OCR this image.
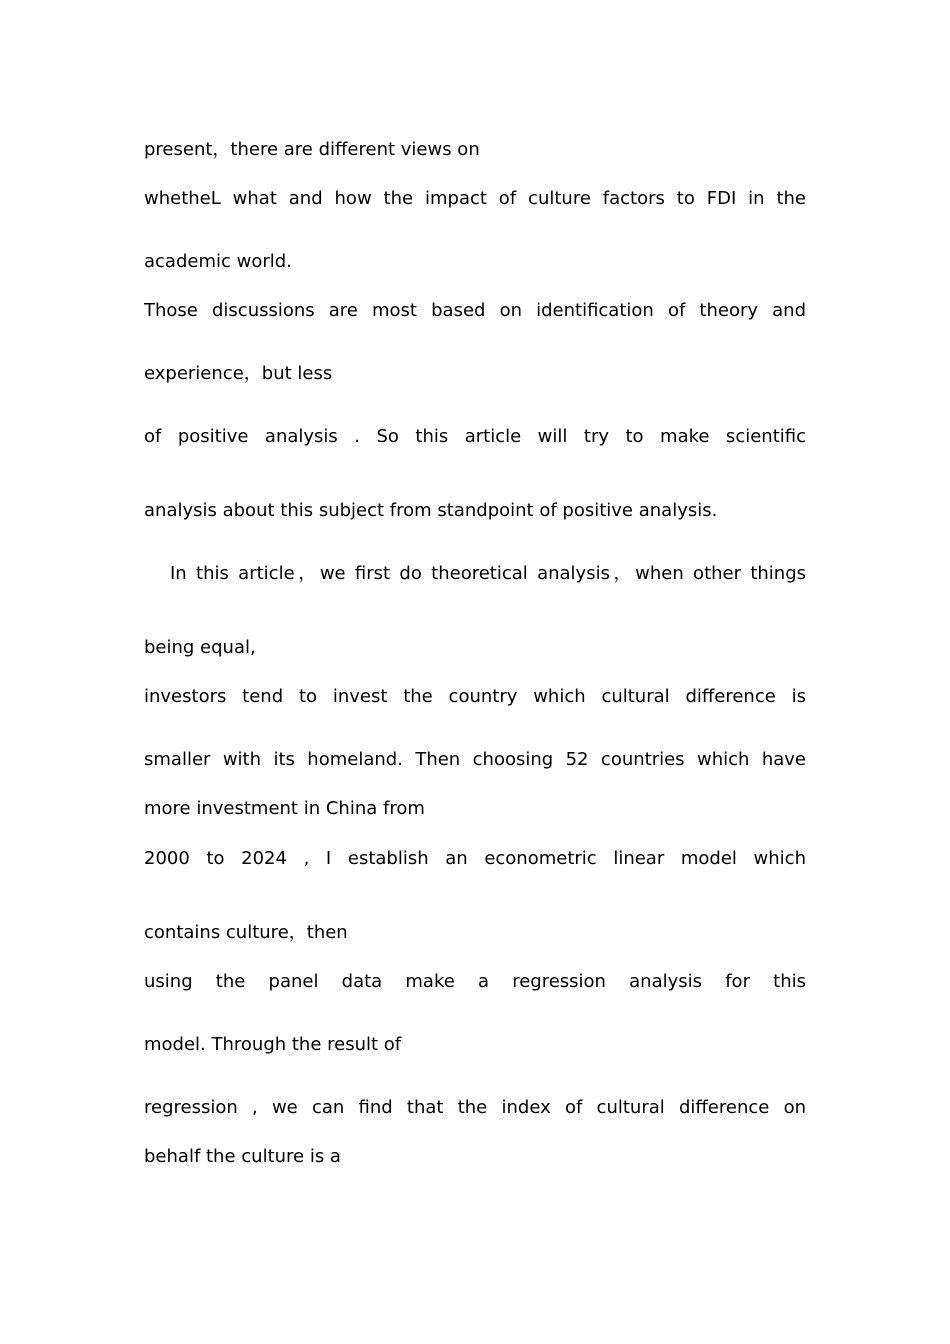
present，there are different views on
whetheL what and how the impact of culture factors to FDI in the
academic world.
Those discussions are most based on identification of theory and
experience，but less
of positive analysis . So this article will try to make scientific
analysis about this subject from standpoint of positive analysis.
In this article，we first do theoretical analysis，when other things
being equal,
investors tend to invest the country which cultural difference is
smaller with its homeland. Then choosing 52 countries which have
more investment in China from
2000 to 2024 , I establish an econometric linear model which
contains culture，then
using the panel data make a regression analysis for this
model. Through the result of
regression , we can find that the index of cultural difference on
behalf the culture is a
